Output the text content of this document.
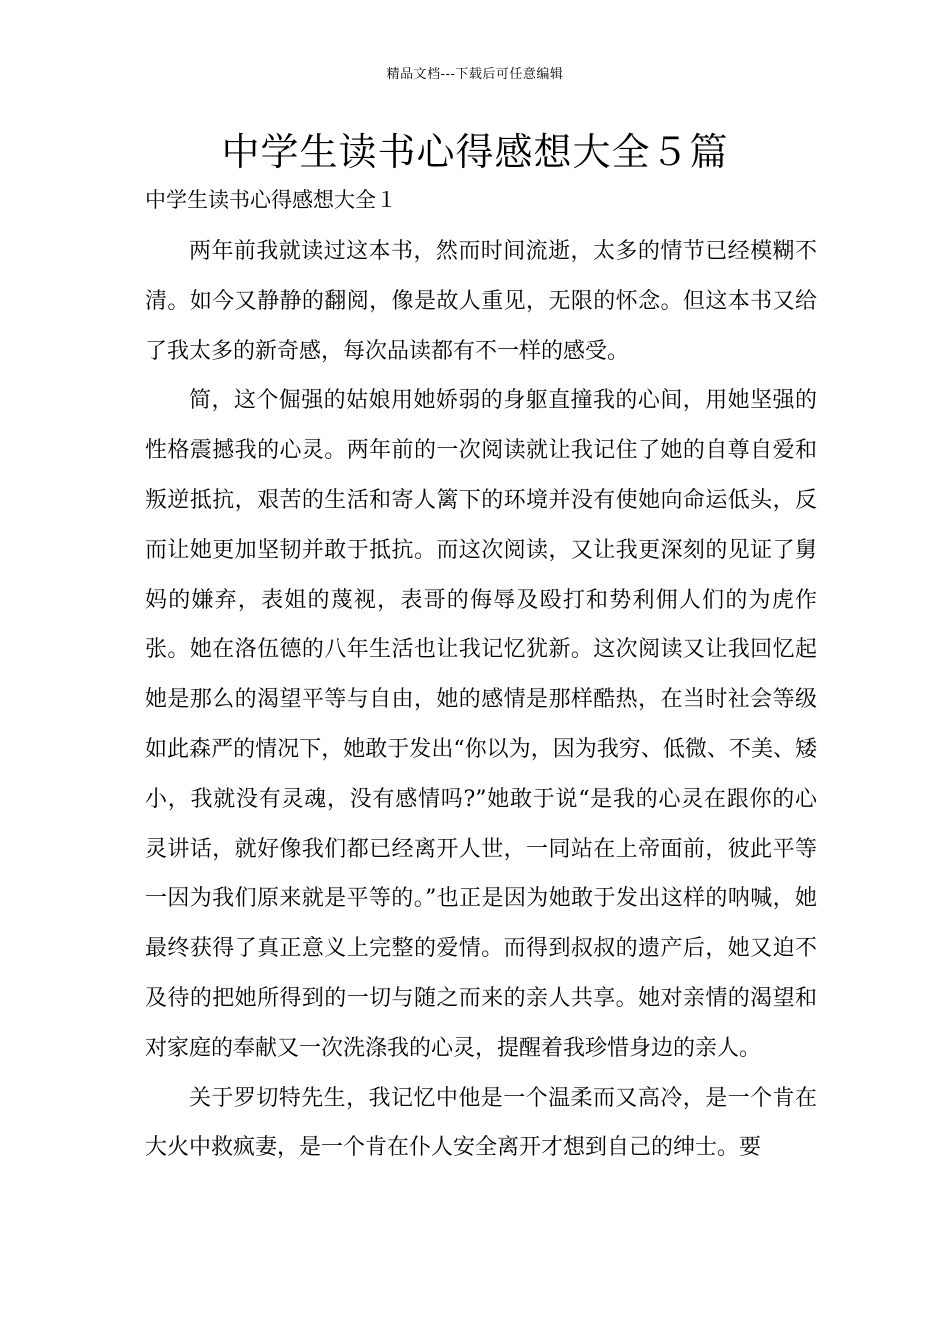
精品文档---下载后可任意编辑
中学生读书心得感想大全５篇
中学生读书心得感想大全１

两年前我就读过这本书，然而时间流逝，太多的情节已经模糊不清。如今又静静的翻阅，像是故人重见，无限的怀念。但这本书又给了我太多的新奇感，每次品读都有不一样的感受。

简，这个倔强的姑娘用她娇弱的身躯直撞我的心间，用她坚强的性格震撼我的心灵。两年前的一次阅读就让我记住了她的自尊自爱和叛逆抵抗，艰苦的生活和寄人篱下的环境并没有使她向命运低头，反而让她更加坚韧并敢于抵抗。而这次阅读，又让我更深刻的见证了舅妈的嫌弃，表姐的蔑视，表哥的侮辱及殴打和势利佣人们的为虎作张。她在洛伍德的八年生活也让我记忆犹新。这次阅读又让我回忆起她是那么的渴望平等与自由，她的感情是那样酷热，在当时社会等级如此森严的情况下，她敢于发出“你以为，因为我穷、低微、不美、矮小，我就没有灵魂，没有感情吗?”她敢于说“是我的心灵在跟你的心灵讲话，就好像我们都已经离开人世，一同站在上帝面前，彼此平等一因为我们原来就是平等的。”也正是因为她敢于发出这样的呐喊，她最终获得了真正意义上完整的爱情。而得到叔叔的遗产后，她又迫不及待的把她所得到的一切与随之而来的亲人共享。她对亲情的渴望和对家庭的奉献又一次洗涤我的心灵，提醒着我珍惜身边的亲人。

关于罗切特先生，我记忆中他是一个温柔而又高冷，是一个肯在大火中救疯妻，是一个肯在仆人安全离开才想到自己的绅士。要
